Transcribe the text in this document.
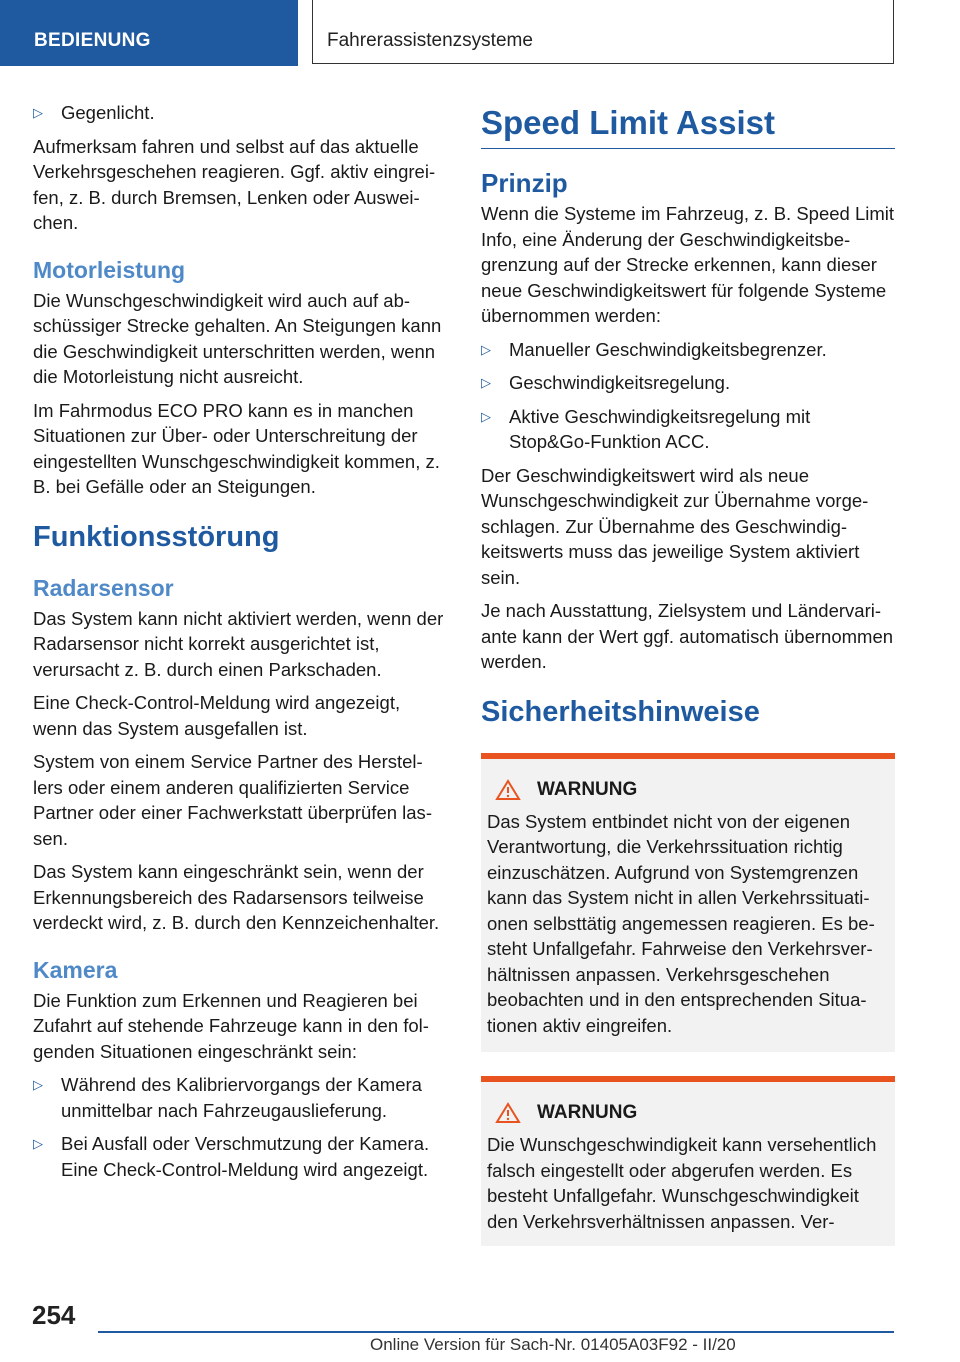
BEDIENUNG	Fahrerassistenzsysteme
▷ Gegenlicht.

Aufmerksam fahren und selbst auf das aktuelle Verkehrsgeschehen reagieren. Ggf. aktiv eingreifen, z. B. durch Bremsen, Lenken oder Ausweichen.

Motorleistung

Die Wunschgeschwindigkeit wird auch auf abschüssiger Strecke gehalten. An Steigungen kann die Geschwindigkeit unterschritten werden, wenn die Motorleistung nicht ausreicht.

Im Fahrmodus ECO PRO kann es in manchen Situationen zur Über- oder Unterschreitung der eingestellten Wunschgeschwindigkeit kommen, z. B. bei Gefälle oder an Steigungen.

Funktionsstörung
Radarsensor

Das System kann nicht aktiviert werden, wenn der Radarsensor nicht korrekt ausgerichtet ist, verursacht z. B. durch einen Parkschaden.

Eine Check-Control-Meldung wird angezeigt, wenn das System ausgefallen ist.

System von einem Service Partner des Herstellers oder einem anderen qualifizierten Service Partner oder einer Fachwerkstatt überprüfen lassen.

Das System kann eingeschränkt sein, wenn der Erkennungsbereich des Radarsensors teilweise verdeckt wird, z. B. durch den Kennzeichenhalter.

Kamera

Die Funktion zum Erkennen und Reagieren bei Zufahrt auf stehende Fahrzeuge kann in den folgenden Situationen eingeschränkt sein:

▷ Während des Kalibriervorgangs der Kamera unmittelbar nach Fahrzeugauslieferung.
▷ Bei Ausfall oder Verschmutzung der Kamera. Eine Check-Control-Meldung wird angezeigt.
Speed Limit Assist
Prinzip

Wenn die Systeme im Fahrzeug, z. B. Speed Limit Info, eine Änderung der Geschwindigkeitsbegrenzung auf der Strecke erkennen, kann dieser neue Geschwindigkeitswert für folgende Systeme übernommen werden:

▷ Manueller Geschwindigkeitsbegrenzer.
▷ Geschwindigkeitsregelung.
▷ Aktive Geschwindigkeitsregelung mit Stop&Go-Funktion ACC.

Der Geschwindigkeitswert wird als neue Wunschgeschwindigkeit zur Übernahme vorgeschlagen. Zur Übernahme des Geschwindigkeitswerts muss das jeweilige System aktiviert sein.

Je nach Ausstattung, Zielsystem und Ländervariante kann der Wert ggf. automatisch übernommen werden.

Sicherheitshinweise
WARNUNG

Das System entbindet nicht von der eigenen Verantwortung, die Verkehrssituation richtig einzuschätzen. Aufgrund von Systemgrenzen kann das System nicht in allen Verkehrssituationen selbsttätig angemessen reagieren. Es besteht Unfallgefahr. Fahrweise den Verkehrsverhältnissen anpassen. Verkehrsgeschehen beobachten und in den entsprechenden Situationen aktiv eingreifen.

WARNUNG

Die Wunschgeschwindigkeit kann versehentlich falsch eingestellt oder abgerufen werden. Es besteht Unfallgefahr. Wunschgeschwindigkeit den Verkehrsverhältnissen anpassen. Ver-

254
Online Version für Sach-Nr. 01405A03F92 - II/20
